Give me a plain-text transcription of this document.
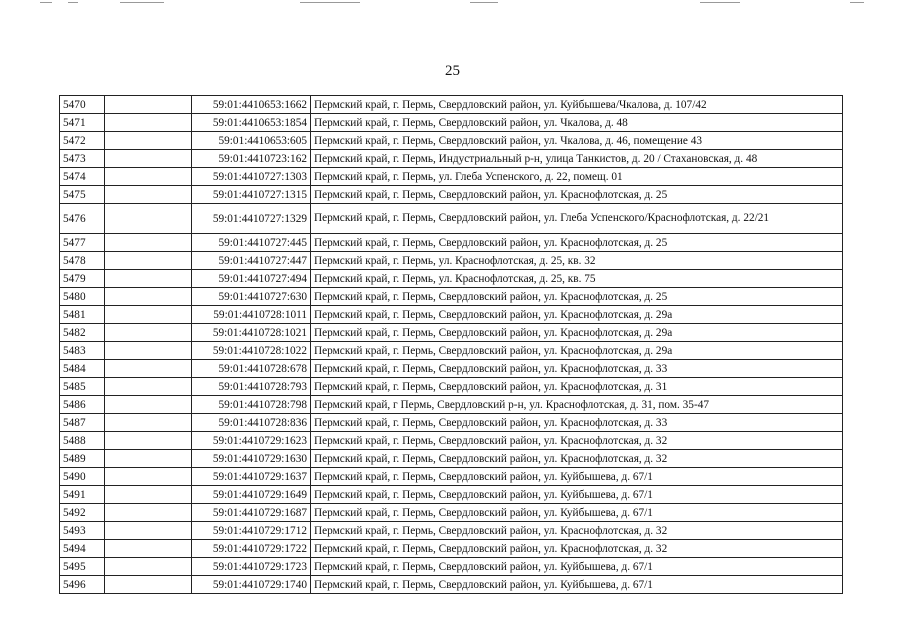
25
5470		59:01:4410653:1662	Пермский край, г. Пермь, Свердловский район, ул. Куйбышева/Чкалова, д. 107/42
5471		59:01:4410653:1854	Пермский край, г. Пермь, Свердловский район, ул. Чкалова, д. 48
5472		59:01:4410653:605	Пермский край, г. Пермь, Свердловский район, ул. Чкалова, д. 46, помещение 43
5473		59:01:4410723:162	Пермский край, г. Пермь, Индустриальный р-н, улица Танкистов, д. 20 / Стахановская, д. 48
5474		59:01:4410727:1303	Пермский край, г. Пермь, ул. Глеба Успенского, д. 22, помещ. 01
5475		59:01:4410727:1315	Пермский край, г. Пермь, Свердловский район, ул. Краснофлотская, д. 25
5476		59:01:4410727:1329	Пермский край, г. Пермь, Свердловский район, ул. Глеба Успенского/Краснофлотская, д. 22/21
5477		59:01:4410727:445	Пермский край, г. Пермь, Свердловский район, ул. Краснофлотская, д. 25
5478		59:01:4410727:447	Пермский край, г. Пермь, ул. Краснофлотская, д. 25, кв. 32
5479		59:01:4410727:494	Пермский край, г. Пермь, ул. Краснофлотская, д. 25, кв. 75
5480		59:01:4410727:630	Пермский край, г. Пермь, Свердловский район, ул. Краснофлотская, д. 25
5481		59:01:4410728:1011	Пермский край, г. Пермь, Свердловский район, ул. Краснофлотская, д. 29а
5482		59:01:4410728:1021	Пермский край, г. Пермь, Свердловский район, ул. Краснофлотская, д. 29а
5483		59:01:4410728:1022	Пермский край, г. Пермь, Свердловский район, ул. Краснофлотская, д. 29а
5484		59:01:4410728:678	Пермский край, г. Пермь, Свердловский район, ул. Краснофлотская, д. 33
5485		59:01:4410728:793	Пермский край, г. Пермь, Свердловский район, ул. Краснофлотская, д. 31
5486		59:01:4410728:798	Пермский край, г Пермь, Свердловский р-н, ул. Краснофлотская, д. 31, пом. 35-47
5487		59:01:4410728:836	Пермский край, г. Пермь, Свердловский район, ул. Краснофлотская, д. 33
5488		59:01:4410729:1623	Пермский край, г. Пермь, Свердловский район, ул. Краснофлотская, д. 32
5489		59:01:4410729:1630	Пермский край, г. Пермь, Свердловский район, ул. Краснофлотская, д. 32
5490		59:01:4410729:1637	Пермский край, г. Пермь, Свердловский район, ул. Куйбышева, д. 67/1
5491		59:01:4410729:1649	Пермский край, г. Пермь, Свердловский район, ул. Куйбышева, д. 67/1
5492		59:01:4410729:1687	Пермский край, г. Пермь, Свердловский район, ул. Куйбышева, д. 67/1
5493		59:01:4410729:1712	Пермский край, г. Пермь, Свердловский район, ул. Краснофлотская, д. 32
5494		59:01:4410729:1722	Пермский край, г. Пермь, Свердловский район, ул. Краснофлотская, д. 32
5495		59:01:4410729:1723	Пермский край, г. Пермь, Свердловский район, ул. Куйбышева, д. 67/1
5496		59:01:4410729:1740	Пермский край, г. Пермь, Свердловский район, ул. Куйбышева, д. 67/1
